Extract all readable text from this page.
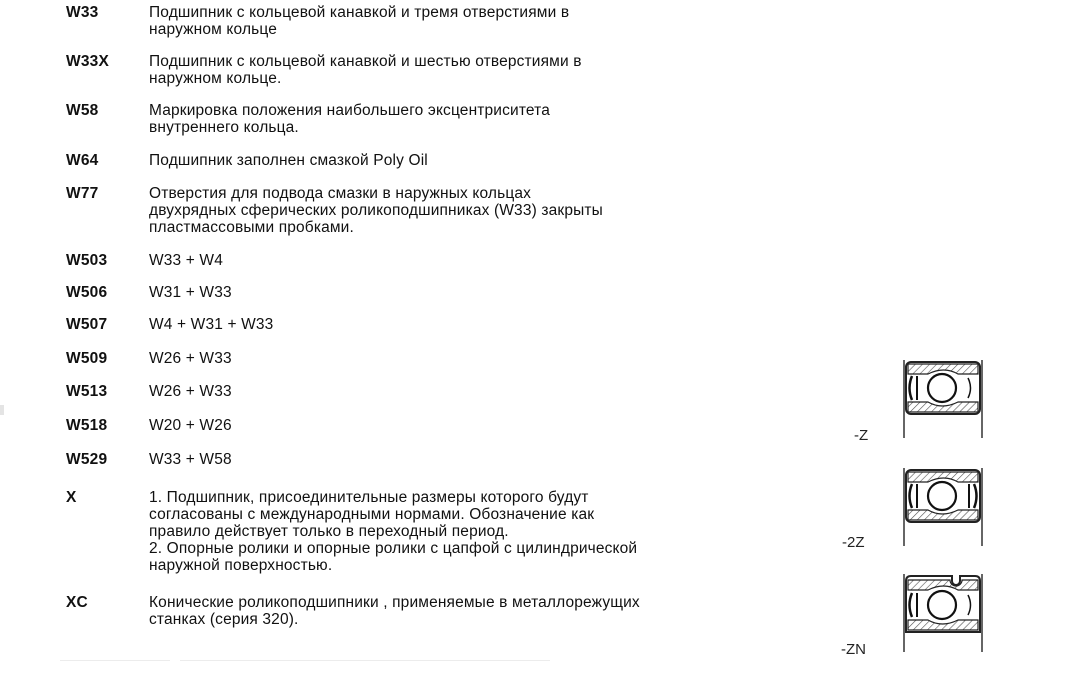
W33	Подшипник с кольцевой канавкой и тремя отверстиями в
наружном кольце
W33X	Подшипник с кольцевой канавкой и шестью отверстиями в
наружном кольце.
W58	Маркировка положения наибольшего эксцентриситета
внутреннего кольца.
W64	Подшипник заполнен смазкой Poly Oil
W77	Отверстия для подвода смазки в наружных кольцах
двухрядных сферических роликоподшипниках (W33) закрыты
пластмассовыми пробками.
W503	W33 + W4
W506	W31 + W33
W507	W4 + W31 + W33
W509	W26 + W33
W513	W26 + W33
W518	W20 + W26
W529	W33 + W58
X	1. Подшипник, присоединительные размеры которого будут
согласованы с международными нормами. Обозначение как
правило действует только в переходный период.
2. Опорные ролики и опорные ролики с цапфой с цилиндрической
наружной поверхностью.
XC	Конические роликоподшипники , применяемые в металлорежущих
станках (серия 320).
-Z
-2Z
-ZN
